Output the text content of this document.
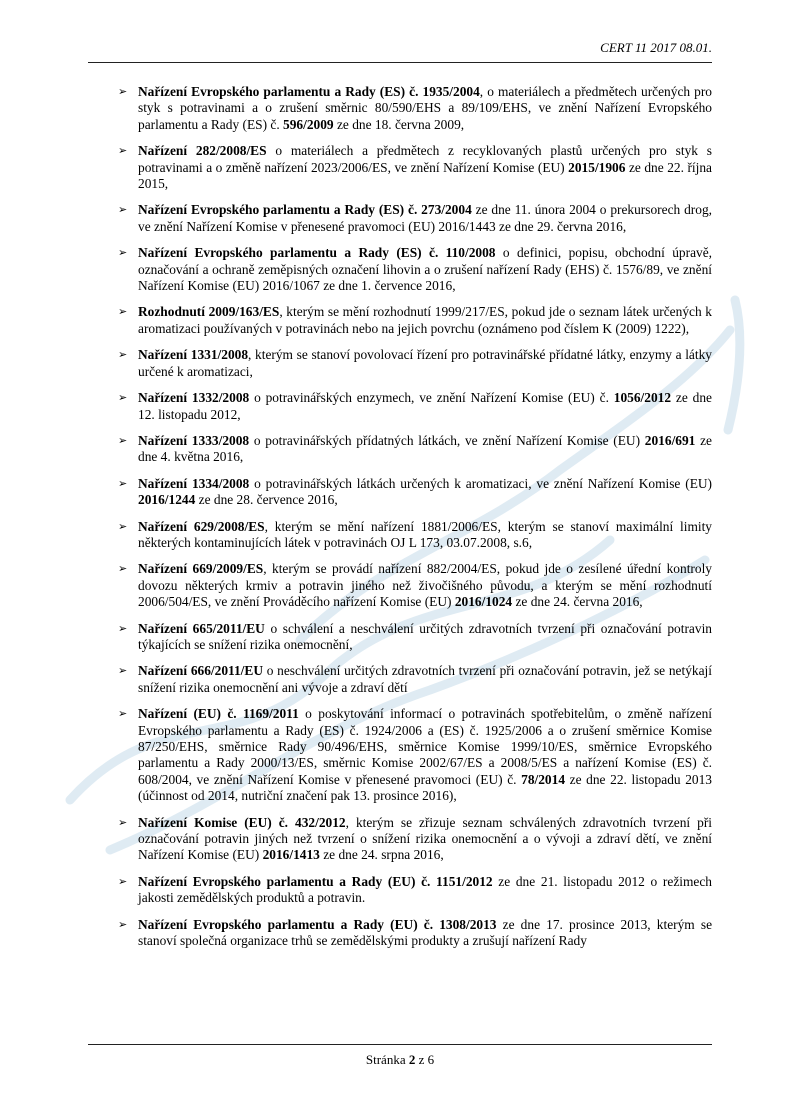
CERT 11 2017 08.01.
➢ Nařízení Evropského parlamentu a Rady (ES) č. 1935/2004, o materiálech a předmětech určených pro styk s potravinami a o zrušení směrnic 80/590/EHS a 89/109/EHS, ve znění Nařízení Evropského parlamentu a Rady (ES) č. 596/2009 ze dne 18. června 2009,
➢ Nařízení 282/2008/ES o materiálech a předmětech z recyklovaných plastů určených pro styk s potravinami a o změně nařízení 2023/2006/ES, ve znění Nařízení Komise (EU) 2015/1906 ze dne 22. října 2015,
➢ Nařízení Evropského parlamentu a Rady (ES) č. 273/2004 ze dne 11. února 2004 o prekursorech drog, ve znění Nařízení Komise v přenesené pravomoci (EU) 2016/1443 ze dne 29. června 2016,
➢ Nařízení Evropského parlamentu a Rady (ES) č. 110/2008 o definici, popisu, obchodní úpravě, označování a ochraně zeměpisných označení lihovin a o zrušení nařízení Rady (EHS) č. 1576/89, ve znění Nařízení Komise (EU) 2016/1067 ze dne 1. července 2016,
➢ Rozhodnutí 2009/163/ES, kterým se mění rozhodnutí 1999/217/ES, pokud jde o seznam látek určených k aromatizaci používaných v potravinách nebo na jejich povrchu (oznámeno pod číslem K (2009) 1222),
➢ Nařízení 1331/2008, kterým se stanoví povolovací řízení pro potravinářské přídatné látky, enzymy a látky určené k aromatizaci,
➢ Nařízení 1332/2008 o potravinářských enzymech, ve znění Nařízení Komise (EU) č. 1056/2012 ze dne 12. listopadu 2012,
➢ Nařízení 1333/2008 o potravinářských přídatných látkách, ve znění Nařízení Komise (EU) 2016/691 ze dne 4. května 2016,
➢ Nařízení 1334/2008 o potravinářských látkách určených k aromatizaci, ve znění Nařízení Komise (EU) 2016/1244 ze dne 28. července 2016,
➢ Nařízení 629/2008/ES, kterým se mění nařízení 1881/2006/ES, kterým se stanoví maximální limity některých kontaminujících látek v potravinách OJ L 173, 03.07.2008, s.6,
➢ Nařízení 669/2009/ES, kterým se provádí nařízení 882/2004/ES, pokud jde o zesílené úřední kontroly dovozu některých krmiv a potravin jiného než živočišného původu, a kterým se mění rozhodnutí 2006/504/ES, ve znění Prováděcího nařízení Komise (EU) 2016/1024 ze dne 24. června 2016,
➢ Nařízení 665/2011/EU o schválení a neschválení určitých zdravotních tvrzení při označování potravin týkajících se snížení rizika onemocnění,
➢ Nařízení 666/2011/EU o neschválení určitých zdravotních tvrzení při označování potravin, jež se netýkají snížení rizika onemocnění ani vývoje a zdraví dětí
➢ Nařízení (EU) č. 1169/2011 o poskytování informací o potravinách spotřebitelům, o změně nařízení Evropského parlamentu a Rady (ES) č. 1924/2006 a (ES) č. 1925/2006 a o zrušení směrnice Komise 87/250/EHS, směrnice Rady 90/496/EHS, směrnice Komise 1999/10/ES, směrnice Evropského parlamentu a Rady 2000/13/ES, směrnic Komise 2002/67/ES a 2008/5/ES a nařízení Komise (ES) č. 608/2004, ve znění Nařízení Komise v přenesené pravomoci (EU) č. 78/2014 ze dne 22. listopadu 2013 (účinnost od 2014, nutriční značení pak 13. prosince 2016),
➢ Nařízení Komise (EU) č. 432/2012, kterým se zřizuje seznam schválených zdravotních tvrzení při označování potravin jiných než tvrzení o snížení rizika onemocnění a o vývoji a zdraví dětí, ve znění Nařízení Komise (EU) 2016/1413 ze dne 24. srpna 2016,
➢ Nařízení Evropského parlamentu a Rady (EU) č. 1151/2012 ze dne 21. listopadu 2012 o režimech jakosti zemědělských produktů a potravin.
➢ Nařízení Evropského parlamentu a Rady (EU) č. 1308/2013 ze dne 17. prosince 2013, kterým se stanoví společná organizace trhů se zemědělskými produkty a zrušují nařízení Rady
Stránka 2 z 6
